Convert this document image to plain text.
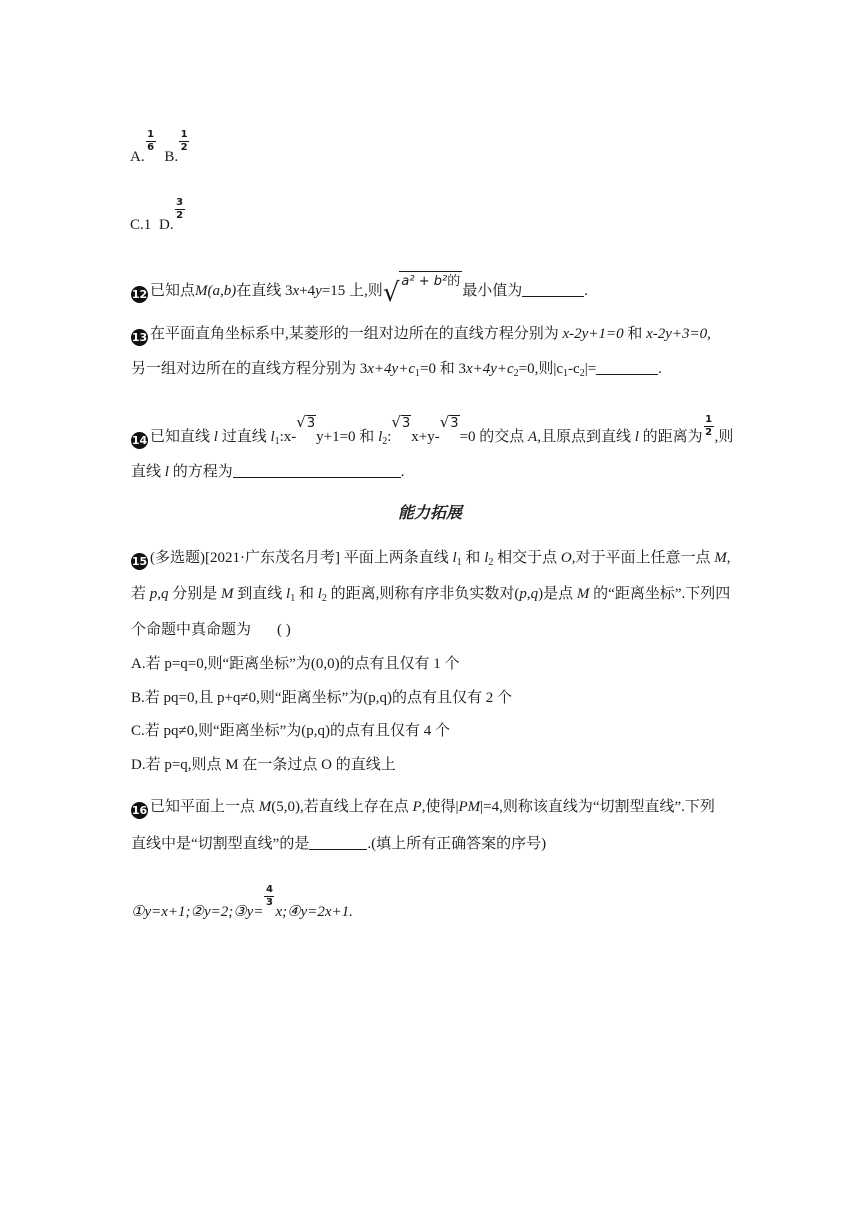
A.
$\frac{1}{6}$
B.
$\frac{1}{2}$
C.1 D.
$\frac{3}{2}$
12 已知点M(a,b)在直线 3x+4y=15 上,则√ a² + b²的最小值为	.
13 在平面直角坐标系中,某菱形的一组对边所在的直线方程分别为 x-2y+1=0 和 x-2y+3=0,
另一组对边所在的直线方程分别为 $3x+4y+c_1=0$ 和 $3x+4y+c_2=0$,则$|c_1-c_2|=$	.
14 已知直线 l 过直线 $l_1:x-√3y+1=0$ 和 $l_2:√3x+y-√3=0$ 的交点 A,且原点到直线 l 的距离为 $\frac{1}{2}$ ,则
直线 l 的方程为	.
能力拓展
15 (多选题)[2021·广东茂名月考] 平面上两条直线 $l_1$ 和 $l_2$ 相交于点 O,对于平面上任意一点 M,
若 p,q 分别是 M 到直线 $l_1$ 和 $l_2$ 的距离,则称有序非负实数对(p,q)是点 M 的“距离坐标”.下列四
个命题中真命题为 ( )
A.若 p=q=0,则“距离坐标”为(0,0)的点有且仅有 1 个
B.若 pq=0,且 p+q≠0,则“距离坐标”为(p,q)的点有且仅有 2 个
C.若 pq≠0,则“距离坐标”为(p,q)的点有且仅有 4 个
D.若 p=q,则点 M 在一条过点 O 的直线上
16 已知平面上一点 M(5,0),若直线上存在点 P,使得|PM|=4,则称该直线为“切割型直线”.下列
直线中是“切割型直线”的是	.(填上所有正确答案的序号)
①y=x+1;②y=2;③y=
$\frac{4}{3}$
x;④y=2x+1.
